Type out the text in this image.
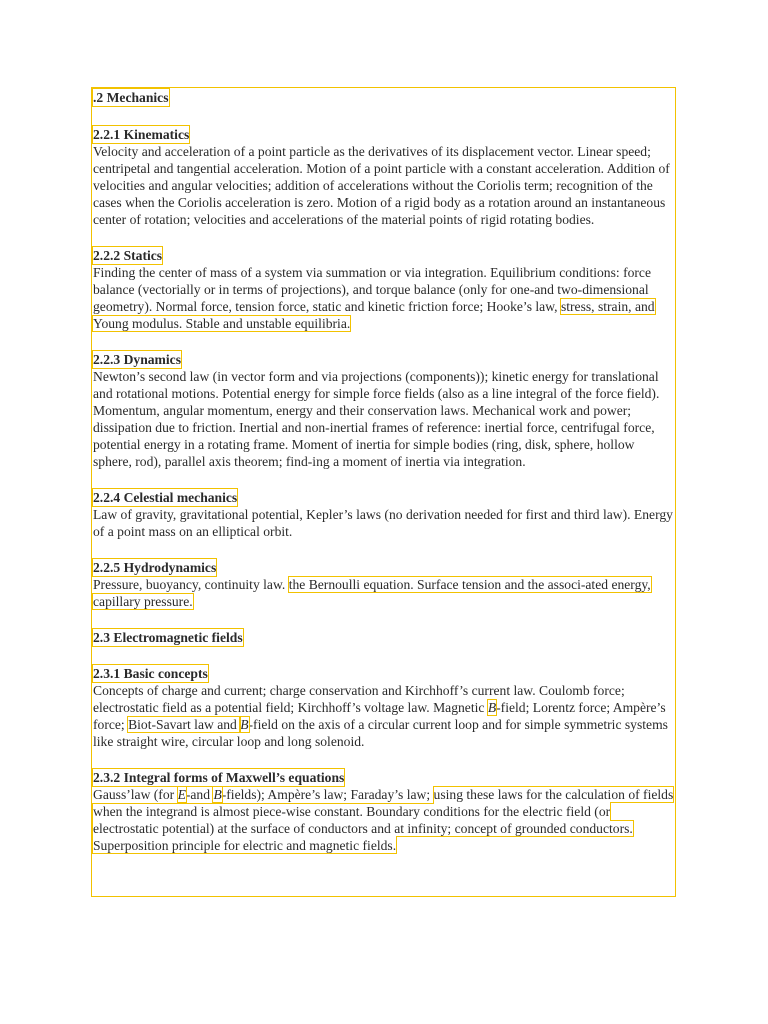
.2 Mechanics
2.2.1 Kinematics

Velocity and acceleration of a point particle as the derivatives of its displacement vector. Linear speed; centripetal and tangential acceleration. Motion of a point particle with a constant acceleration. Addition of velocities and angular velocities; addition of accelerations without the Coriolis term; recognition of the cases when the Coriolis acceleration is zero. Motion of a rigid body as a rotation around an instantaneous center of rotation; velocities and accelerations of the material points of rigid rotating bodies.

2.2.2 Statics

Finding the center of mass of a system via summation or via integration. Equilibrium conditions: force balance (vectorially or in terms of projections), and torque balance (only for one-and two-dimensional geometry). Normal force, tension force, static and kinetic friction force; Hooke’s law, stress, strain, and Young modulus. Stable and unstable equilibria.

2.2.3 Dynamics

Newton’s second law (in vector form and via projections (components)); kinetic energy for translational and rotational motions. Potential energy for simple force fields (also as a line integral of the force field). Momentum, angular momentum, energy and their conservation laws. Mechanical work and power; dissipation due to friction. Inertial and non-inertial frames of reference: inertial force, centrifugal force, potential energy in a rotating frame. Moment of inertia for simple bodies (ring, disk, sphere, hollow sphere, rod), parallel axis theorem; find-ing a moment of inertia via integration.

2.2.4 Celestial mechanics

Law of gravity, gravitational potential, Kepler’s laws (no derivation needed for first and third law). Energy of a point mass on an elliptical orbit.

2.2.5 Hydrodynamics

Pressure, buoyancy, continuity law. the Bernoulli equation. Surface tension and the associ-ated energy, capillary pressure.

2.3 Electromagnetic fields
2.3.1 Basic concepts

Concepts of charge and current; charge conservation and Kirchhoff’s current law. Coulomb force; electrostatic field as a potential field; Kirchhoff’s voltage law. Magnetic B-field; Lorentz force; Ampère’s force; Biot-Savart law and B-field on the axis of a circular current loop and for simple symmetric systems like straight wire, circular loop and long solenoid.

2.3.2 Integral forms of Maxwell’s equations

Gauss’law (for E-and B-fields); Ampère’s law; Faraday’s law; using these laws for the calculation of fields when the integrand is almost piece-wise constant. Boundary conditions for the electric field (or electrostatic potential) at the surface of conductors and at infinity; concept of grounded conductors. Superposition principle for electric and magnetic fields.
